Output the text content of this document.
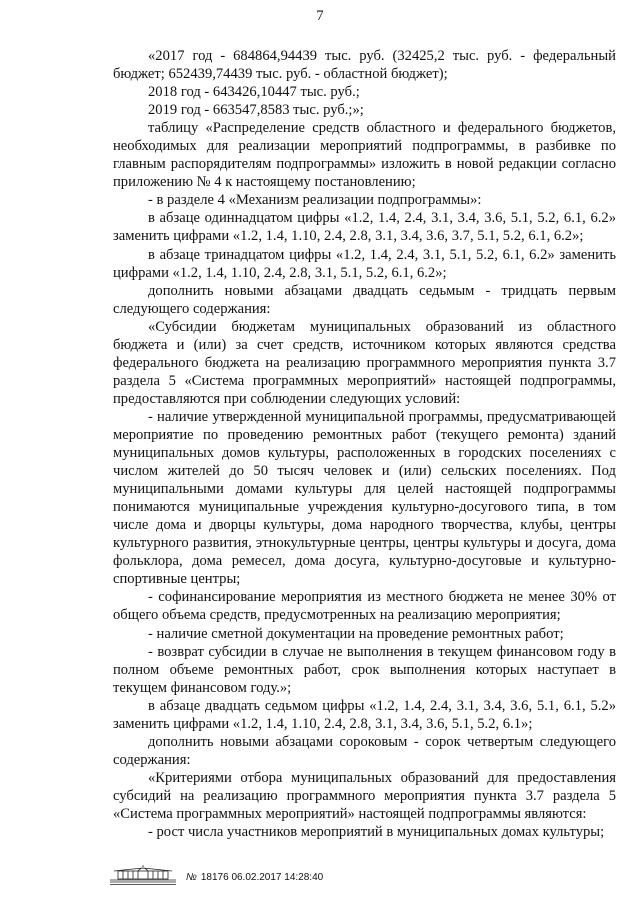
7

«2017 год - 684864,94439 тыс. руб. (32425,2 тыс. руб. - федеральный бюджет; 652439,74439 тыс. руб. - областной бюджет);

2018 год - 643426,10447 тыс. руб.;

2019 год - 663547,8583 тыс. руб.;»;

таблицу «Распределение средств областного и федерального бюджетов, необходимых для реализации мероприятий подпрограммы, в разбивке по главным распорядителям подпрограммы» изложить в новой редакции согласно приложению № 4 к настоящему постановлению;

- в разделе 4 «Механизм реализации подпрограммы»:

в абзаце одиннадцатом цифры «1.2, 1.4, 2.4, 3.1, 3.4, 3.6, 5.1, 5.2, 6.1, 6.2» заменить цифрами «1.2, 1.4, 1.10, 2.4, 2.8, 3.1, 3.4, 3.6, 3.7, 5.1, 5.2, 6.1, 6.2»;

в абзаце тринадцатом цифры «1.2, 1.4, 2.4, 3.1, 5.1, 5.2, 6.1, 6.2» заменить цифрами «1.2, 1.4, 1.10, 2.4, 2.8, 3.1, 5.1, 5.2, 6.1, 6.2»;

дополнить новыми абзацами двадцать седьмым - тридцать первым следующего содержания:

«Субсидии бюджетам муниципальных образований из областного бюджета и (или) за счет средств, источником которых являются средства федерального бюджета на реализацию программного мероприятия пункта 3.7 раздела 5 «Система программных мероприятий» настоящей подпрограммы, предоставляются при соблюдении следующих условий:

- наличие утвержденной муниципальной программы, предусматривающей мероприятие по проведению ремонтных работ (текущего ремонта) зданий муниципальных домов культуры, расположенных в городских поселениях с числом жителей до 50 тысяч человек и (или) сельских поселениях. Под муниципальными домами культуры для целей настоящей подпрограммы понимаются муниципальные учреждения культурно-досугового типа, в том числе дома и дворцы культуры, дома народного творчества, клубы, центры культурного развития, этнокультурные центры, центры культуры и досуга, дома фольклора, дома ремесел, дома досуга, культурно-досуговые и культурно-спортивные центры;

- софинансирование мероприятия из местного бюджета не менее 30% от общего объема средств, предусмотренных на реализацию мероприятия;

- наличие сметной документации на проведение ремонтных работ;

- возврат субсидии в случае не выполнения в текущем финансовом году в полном объеме ремонтных работ, срок выполнения которых наступает в текущем финансовом году.»;

в абзаце двадцать седьмом цифры «1.2, 1.4, 2.4, 3.1, 3.4, 3.6, 5.1, 6.1, 5.2» заменить цифрами «1.2, 1.4, 1.10, 2.4, 2.8, 3.1, 3.4, 3.6, 5.1, 5.2, 6.1»;

дополнить новыми абзацами сороковым - сорок четвертым следующего содержания:

«Критериями отбора муниципальных образований для предоставления субсидий на реализацию программного мероприятия пункта 3.7 раздела 5 «Система программных мероприятий» настоящей подпрограммы являются:

- рост числа участников мероприятий в муниципальных домах культуры;

№ 18176 06.02.2017 14:28:40
